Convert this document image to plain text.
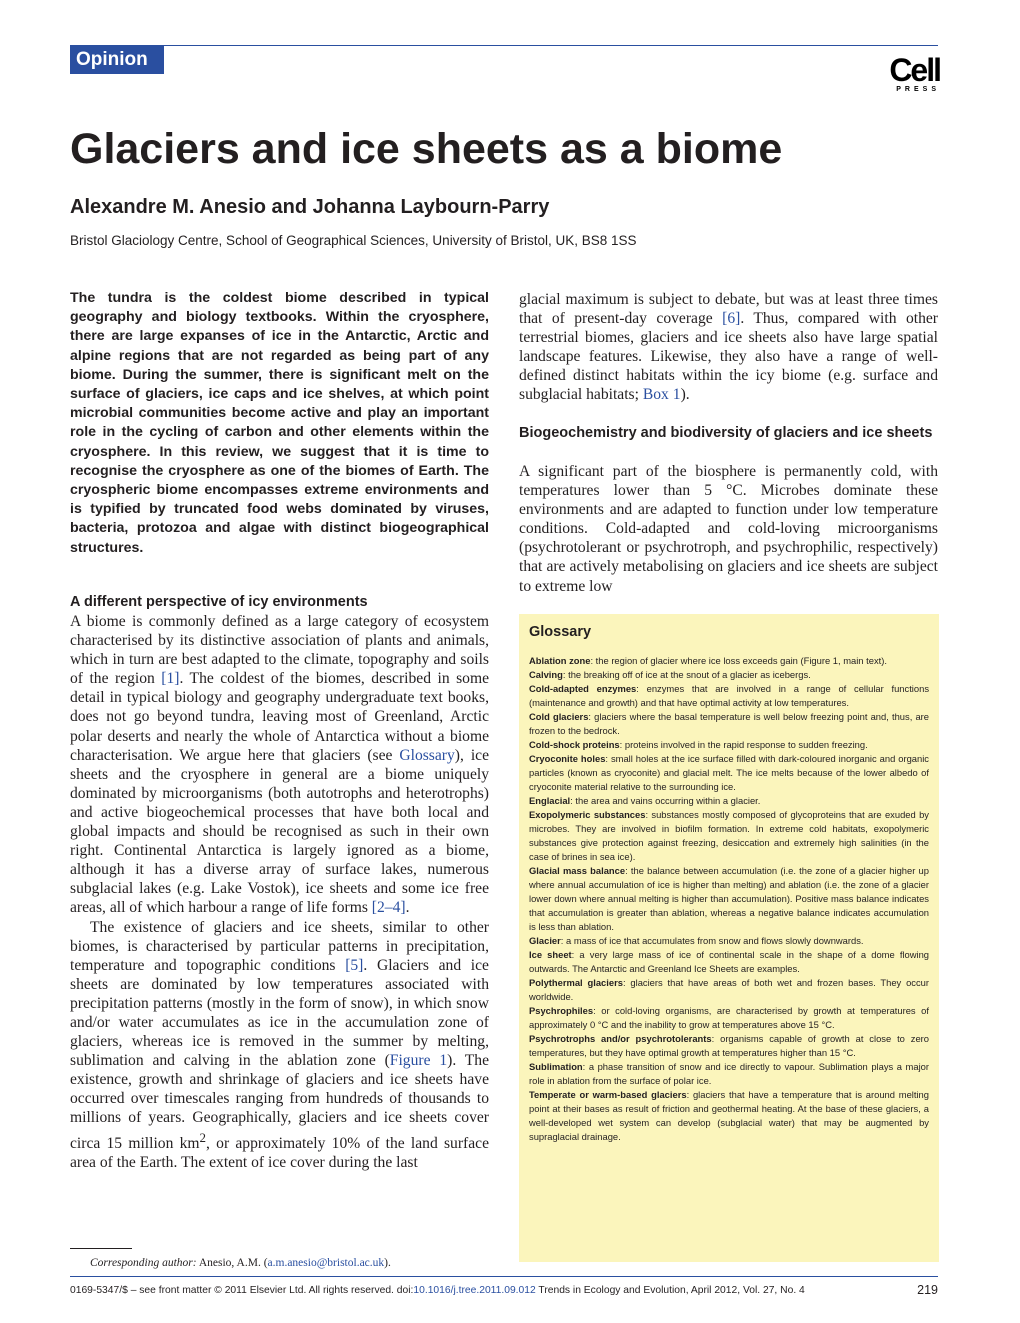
Opinion	Cell
PRESS
Glaciers and ice sheets as a biome
Alexandre M. Anesio and Johanna Laybourn-Parry
Bristol Glaciology Centre, School of Geographical Sciences, University of Bristol, UK, BS8 1SS

The tundra is the coldest biome described in typical geography and biology textbooks. Within the cryosphere, there are large expanses of ice in the Antarctic, Arctic and alpine regions that are not regarded as being part of any biome. During the summer, there is significant melt on the surface of glaciers, ice caps and ice shelves, at which point microbial communities become active and play an important role in the cycling of carbon and other elements within the cryosphere. In this review, we suggest that it is time to recognise the cryosphere as one of the biomes of Earth. The cryospheric biome encompasses extreme environments and is typified by truncated food webs dominated by viruses, bacteria, protozoa and algae with distinct biogeographical structures.

A different perspective of icy environments

A biome is commonly defined as a large category of ecosystem characterised by its distinctive association of plants and animals, which in turn are best adapted to the climate, topography and soils of the region [1]. The coldest of the biomes, described in some detail in typical biology and geography undergraduate text books, does not go beyond tundra, leaving most of Greenland, Arctic polar deserts and nearly the whole of Antarctica without a biome characterisation. We argue here that glaciers (see Glossary), ice sheets and the cryosphere in general are a biome uniquely dominated by microorganisms (both autotrophs and heterotrophs) and active biogeochemical processes that have both local and global impacts and should be recognised as such in their own right. Continental Antarctica is largely ignored as a biome, although it has a diverse array of surface lakes, numerous subglacial lakes (e.g. Lake Vostok), ice sheets and some ice free areas, all of which harbour a range of life forms [2–4].

The existence of glaciers and ice sheets, similar to other biomes, is characterised by particular patterns in precipitation, temperature and topographic conditions [5]. Glaciers and ice sheets are dominated by low temperatures associated with precipitation patterns (mostly in the form of snow), in which snow and/or water accumulates as ice in the accumulation zone of glaciers, whereas ice is removed in the summer by melting, sublimation and calving in the ablation zone (Figure 1). The existence, growth and shrinkage of glaciers and ice sheets have occurred over timescales ranging from hundreds of thousands to millions of years. Geographically, glaciers and ice sheets cover circa 15 million $km^2$, or approximately 10% of the land surface area of the Earth. The extent of ice cover during the last

glacial maximum is subject to debate, but was at least three times that of present-day coverage [6]. Thus, compared with other terrestrial biomes, glaciers and ice sheets also have large spatial landscape features. Likewise, they also have a range of well-defined distinct habitats within the icy biome (e.g. surface and subglacial habitats; Box 1).

Biogeochemistry and biodiversity of glaciers and ice sheets

A significant part of the biosphere is permanently cold, with temperatures lower than 5 °C. Microbes dominate these environments and are adapted to function under low temperature conditions. Cold-adapted and cold-loving microorganisms (psychrotolerant or psychrotroph, and psychrophilic, respectively) that are actively metabolising on glaciers and ice sheets are subject to extreme low

Glossary

Ablation zone: the region of glacier where ice loss exceeds gain (Figure 1, main text).

Calving: the breaking off of ice at the snout of a glacier as icebergs.

Cold-adapted enzymes: enzymes that are involved in a range of cellular functions (maintenance and growth) and that have optimal activity at low temperatures.

Cold glaciers: glaciers where the basal temperature is well below freezing point and, thus, are frozen to the bedrock.

Cold-shock proteins: proteins involved in the rapid response to sudden freezing.

Cryoconite holes: small holes at the ice surface filled with dark-coloured inorganic and organic particles (known as cryoconite) and glacial melt. The ice melts because of the lower albedo of cryoconite material relative to the surrounding ice.

Englacial: the area and vains occurring within a glacier.

Exopolymeric substances: substances mostly composed of glycoproteins that are exuded by microbes. They are involved in biofilm formation. In extreme cold habitats, exopolymeric substances give protection against freezing, desiccation and extremely high salinities (in the case of brines in sea ice).

Glacial mass balance: the balance between accumulation (i.e. the zone of a glacier higher up where annual accumulation of ice is higher than melting) and ablation (i.e. the zone of a glacier lower down where annual melting is higher than accumulation). Positive mass balance indicates that accumulation is greater than ablation, whereas a negative balance indicates accumulation is less than ablation.

Glacier: a mass of ice that accumulates from snow and flows slowly downwards.

Ice sheet: a very large mass of ice of continental scale in the shape of a dome flowing outwards. The Antarctic and Greenland Ice Sheets are examples.

Polythermal glaciers: glaciers that have areas of both wet and frozen bases. They occur worldwide.

Psychrophiles: or cold-loving organisms, are characterised by growth at temperatures of approximately 0 °C and the inability to grow at temperatures above 15 °C.

Psychrotrophs and/or psychrotolerants: organisms capable of growth at close to zero temperatures, but they have optimal growth at temperatures higher than 15 °C.

Sublimation: a phase transition of snow and ice directly to vapour. Sublimation plays a major role in ablation from the surface of polar ice.

Temperate or warm-based glaciers: glaciers that have a temperature that is around melting point at their bases as result of friction and geothermal heating. At the base of these glaciers, a well-developed wet system can develop (subglacial water) that may be augmented by supraglacial drainage.

Corresponding author: Anesio, A.M. (a.m.anesio@bristol.ac.uk).
0169-5347/$ – see front matter © 2011 Elsevier Ltd. All rights reserved. doi:10.1016/j.tree.2011.09.012 Trends in Ecology and Evolution, April 2012, Vol. 27, No. 4	219
